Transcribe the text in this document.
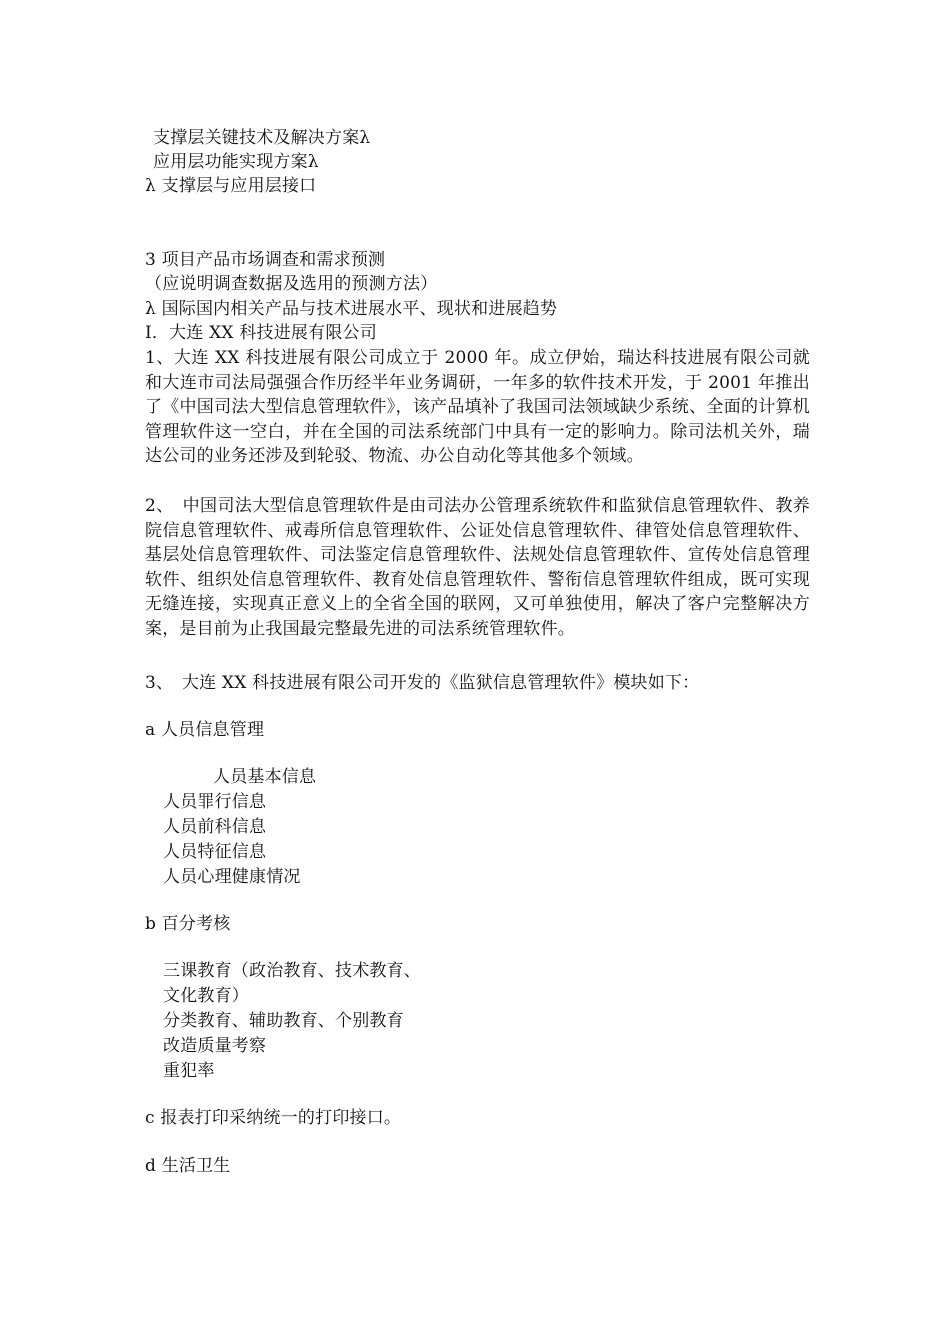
支撑层关键技术及解决方案λ
应用层功能实现方案λ
λ 支撑层与应用层接口
3 项目产品市场调查和需求预测
（应说明调查数据及选用的预测方法）
λ 国际国内相关产品与技术进展水平、现状和进展趋势
I．大连 XX 科技进展有限公司
1、大连 XX 科技进展有限公司成立于 2000 年。成立伊始，瑞达科技进展有限公司就和大连市司法局强强合作历经半年业务调研，一年多的软件技术开发，于 2001 年推出了《中国司法大型信息管理软件》，该产品填补了我国司法领域缺少系统、全面的计算机管理软件这一空白，并在全国的司法系统部门中具有一定的影响力。除司法机关外，瑞达公司的业务还涉及到轮驳、物流、办公自动化等其他多个领域。
2、　中国司法大型信息管理软件是由司法办公管理系统软件和监狱信息管理软件、教养院信息管理软件、戒毒所信息管理软件、公证处信息管理软件、律管处信息管理软件、基层处信息管理软件、司法鉴定信息管理软件、法规处信息管理软件、宣传处信息管理软件、组织处信息管理软件、教育处信息管理软件、警衔信息管理软件组成，既可实现无缝连接，实现真正意义上的全省全国的联网，又可单独使用，解决了客户完整解决方案，是目前为止我国最完整最先进的司法系统管理软件。
3、　大连 XX 科技进展有限公司开发的《监狱信息管理软件》模块如下：
a 人员信息管理
人员基本信息
人员罪行信息
人员前科信息
人员特征信息
人员心理健康情况
b 百分考核
三课教育（政治教育、技术教育、
文化教育）
分类教育、辅助教育、个别教育
改造质量考察
重犯率
c 报表打印采纳统一的打印接口。
d 生活卫生
